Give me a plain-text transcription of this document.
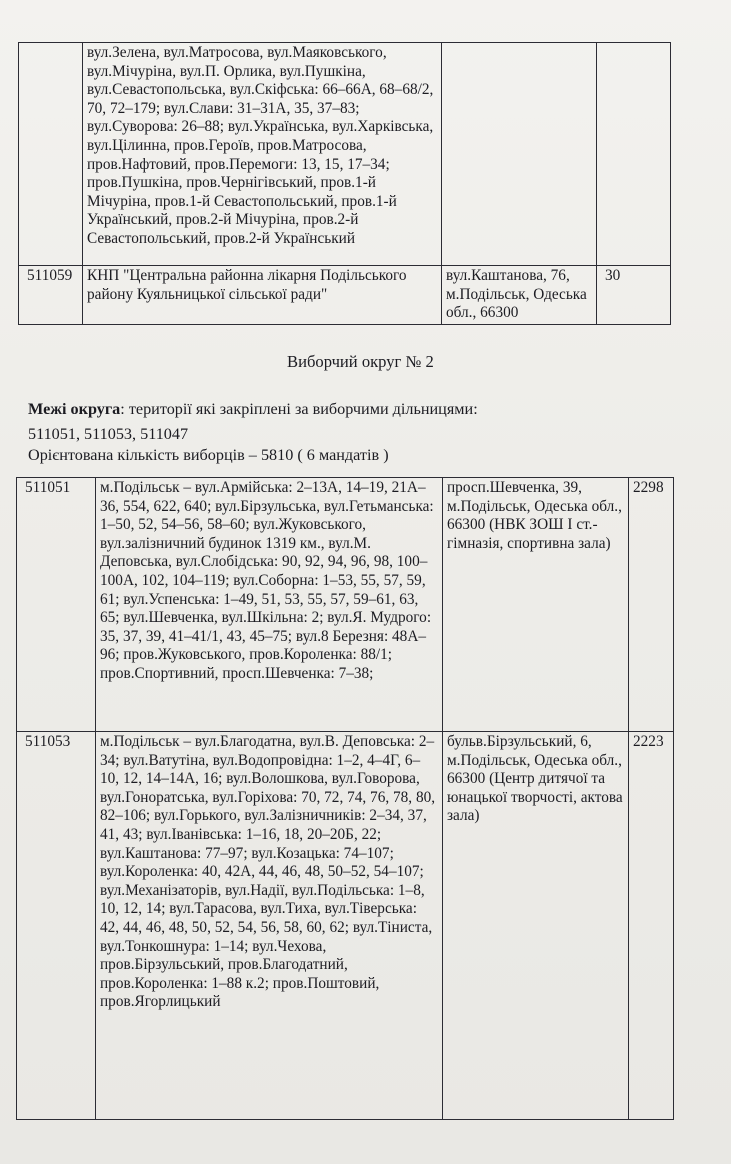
	вул.Зелена, вул.Матросова, вул.Маяковського, вул.Мічуріна, вул.П. Орлика, вул.Пушкіна, вул.Севастопольська, вул.Скіфська: 66–66А, 68–68/2, 70, 72–179; вул.Слави: 31–31А, 35, 37–83; вул.Суворова: 26–88; вул.Українська, вул.Харківська, вул.Цілинна, пров.Героїв, пров.Матросова, пров.Нафтовий, пров.Перемоги: 13, 15, 17–34; пров.Пушкіна, пров.Чернігівський, пров.1-й Мічуріна, пров.1-й Севастопольський, пров.1-й Український, пров.2-й Мічуріна, пров.2-й Севастопольський, пров.2-й Український		
511059	КНП "Центральна районна лікарня Подільського району Куяльницької сільської ради"	вул.Каштанова, 76, м.Подільськ, Одеська обл., 66300	30
Виборчий округ № 2
Межі округа: території які закріплені за виборчими дільницями:
511051, 511053, 511047
Орієнтована кількість виборців – 5810 ( 6 мандатів )
511051	м.Подільськ – вул.Армійська: 2–13А, 14–19, 21А–36, 554, 622, 640; вул.Бірзульська, вул.Гетьманська: 1–50, 52, 54–56, 58–60; вул.Жуковського, вул.залізничний будинок 1319 км., вул.М. Деповська, вул.Слобідська: 90, 92, 94, 96, 98, 100–100А, 102, 104–119; вул.Соборна: 1–53, 55, 57, 59, 61; вул.Успенська: 1–49, 51, 53, 55, 57, 59–61, 63, 65; вул.Шевченка, вул.Шкільна: 2; вул.Я. Мудрого: 35, 37, 39, 41–41/1, 43, 45–75; вул.8 Березня: 48А–96; пров.Жуковського, пров.Короленка: 88/1; пров.Спортивний, просп.Шевченка: 7–38;	просп.Шевченка, 39, м.Подільськ, Одеська обл., 66300 (НВК ЗОШ І ст.-гімназія, спортивна зала)	2298
511053	м.Подільськ – вул.Благодатна, вул.В. Деповська: 2–34; вул.Ватутіна, вул.Водопровідна: 1–2, 4–4Г, 6–10, 12, 14–14А, 16; вул.Волошкова, вул.Говорова, вул.Гоноратська, вул.Горіхова: 70, 72, 74, 76, 78, 80, 82–106; вул.Горького, вул.Залізничників: 2–34, 37, 41, 43; вул.Іванівська: 1–16, 18, 20–20Б, 22; вул.Каштанова: 77–97; вул.Козацька: 74–107; вул.Короленка: 40, 42А, 44, 46, 48, 50–52, 54–107; вул.Механізаторів, вул.Надії, вул.Подільська: 1–8, 10, 12, 14; вул.Тарасова, вул.Тиха, вул.Тіверська: 42, 44, 46, 48, 50, 52, 54, 56, 58, 60, 62; вул.Тіниста, вул.Тонкошнура: 1–14; вул.Чехова, пров.Бірзульський, пров.Благодатний, пров.Короленка: 1–88 к.2; пров.Поштовий, пров.Ягорлицький	бульв.Бірзульський, 6, м.Подільськ, Одеська обл., 66300 (Центр дитячої та юнацької творчості, актова зала)	2223
